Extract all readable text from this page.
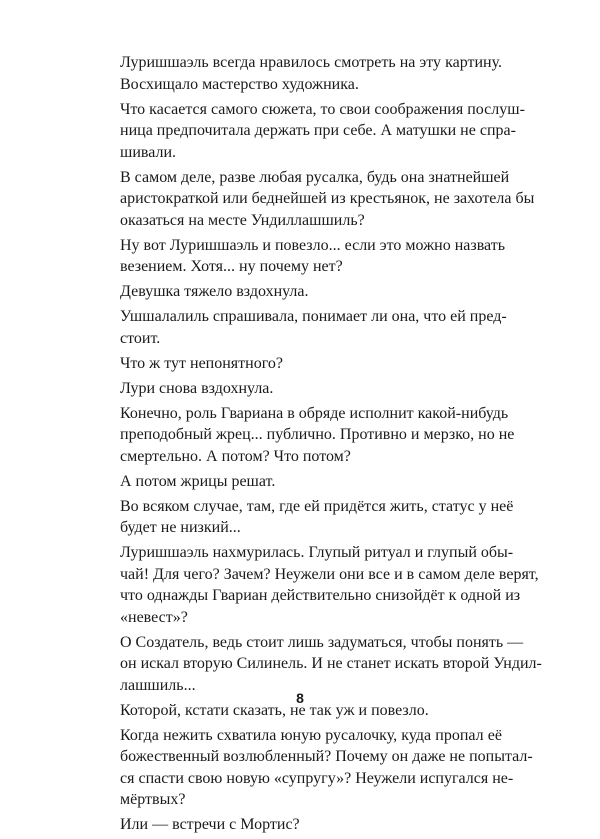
Луришшаэль всегда нравилось смотреть на эту картину.
Восхищало мастерство художника.
Что касается самого сюжета, то свои соображения послуш-
ница предпочитала держать при себе. А матушки не спра-
шивали.
В самом деле, разве любая русалка, будь она знатнейшей
аристократкой или беднейшей из крестьянок, не захотела бы
оказаться на месте Ундиллашшиль?
Ну вот Луришшаэль и повезло... если это можно назвать
везением. Хотя... ну почему нет?
Девушка тяжело вздохнула.
Ушшалалиль спрашивала, понимает ли она, что ей пред-
стоит.
Что ж тут непонятного?
Лури снова вздохнула.
Конечно, роль Гвариана в обряде исполнит какой-нибудь
преподобный жрец... публично. Противно и мерзко, но не
смертельно. А потом? Что потом?
А потом жрицы решат.
Во всяком случае, там, где ей придётся жить, статус у неё
будет не низкий...
Луришшаэль нахмурилась. Глупый ритуал и глупый обы-
чай! Для чего? Зачем? Неужели они все и в самом деле верят,
что однажды Гвариан действительно снизойдёт к одной из
«невест»?
О Создатель, ведь стоит лишь задуматься, чтобы понять —
он искал вторую Силинель. И не станет искать второй Ундил-
лашшиль...
Которой, кстати сказать, не так уж и повезло.
Когда нежить схватила юную русалочку, куда пропал её
божественный возлюбленный? Почему он даже не попытал-
ся спасти свою новую «супругу»? Неужели испугался не-
мёртвых?
Или — встречи с Мортис?
8
